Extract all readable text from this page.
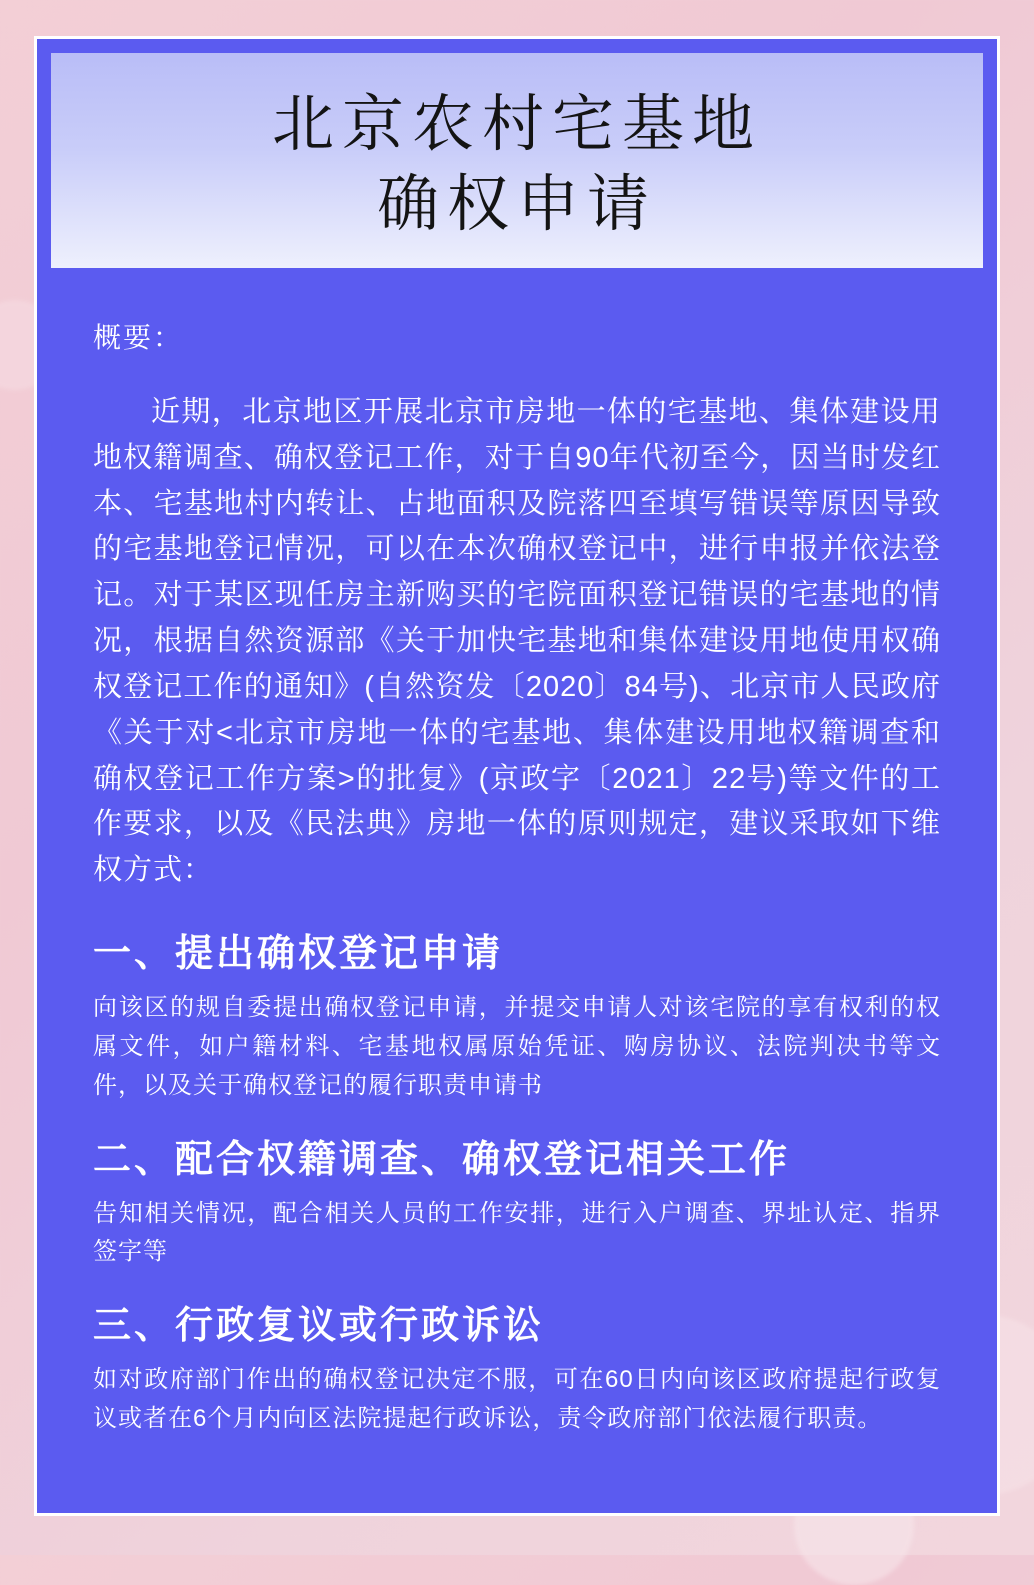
北京农村宅基地
确权申请
概要：

近期，北京地区开展北京市房地一体的宅基地、集体建设用地权籍调查、确权登记工作，对于自90年代初至今，因当时发红本、宅基地村内转让、占地面积及院落四至填写错误等原因导致的宅基地登记情况，可以在本次确权登记中，进行申报并依法登记。对于某区现任房主新购买的宅院面积登记错误的宅基地的情况，根据自然资源部《关于加快宅基地和集体建设用地使用权确权登记工作的通知》(自然资发〔2020〕84号)、北京市人民政府《关于对<北京市房地一体的宅基地、集体建设用地权籍调查和确权登记工作方案>的批复》(京政字〔2021〕22号)等文件的工作要求，以及《民法典》房地一体的原则规定，建议采取如下维权方式：

一、提出确权登记申请
向该区的规自委提出确权登记申请，并提交申请人对该宅院的享有权利的权属文件，如户籍材料、宅基地权属原始凭证、购房协议、法院判决书等文件，以及关于确权登记的履行职责申请书
二、配合权籍调查、确权登记相关工作
告知相关情况，配合相关人员的工作安排，进行入户调查、界址认定、指界签字等
三、行政复议或行政诉讼
如对政府部门作出的确权登记决定不服，可在60日内向该区政府提起行政复议或者在6个月内向区法院提起行政诉讼，责令政府部门依法履行职责。
